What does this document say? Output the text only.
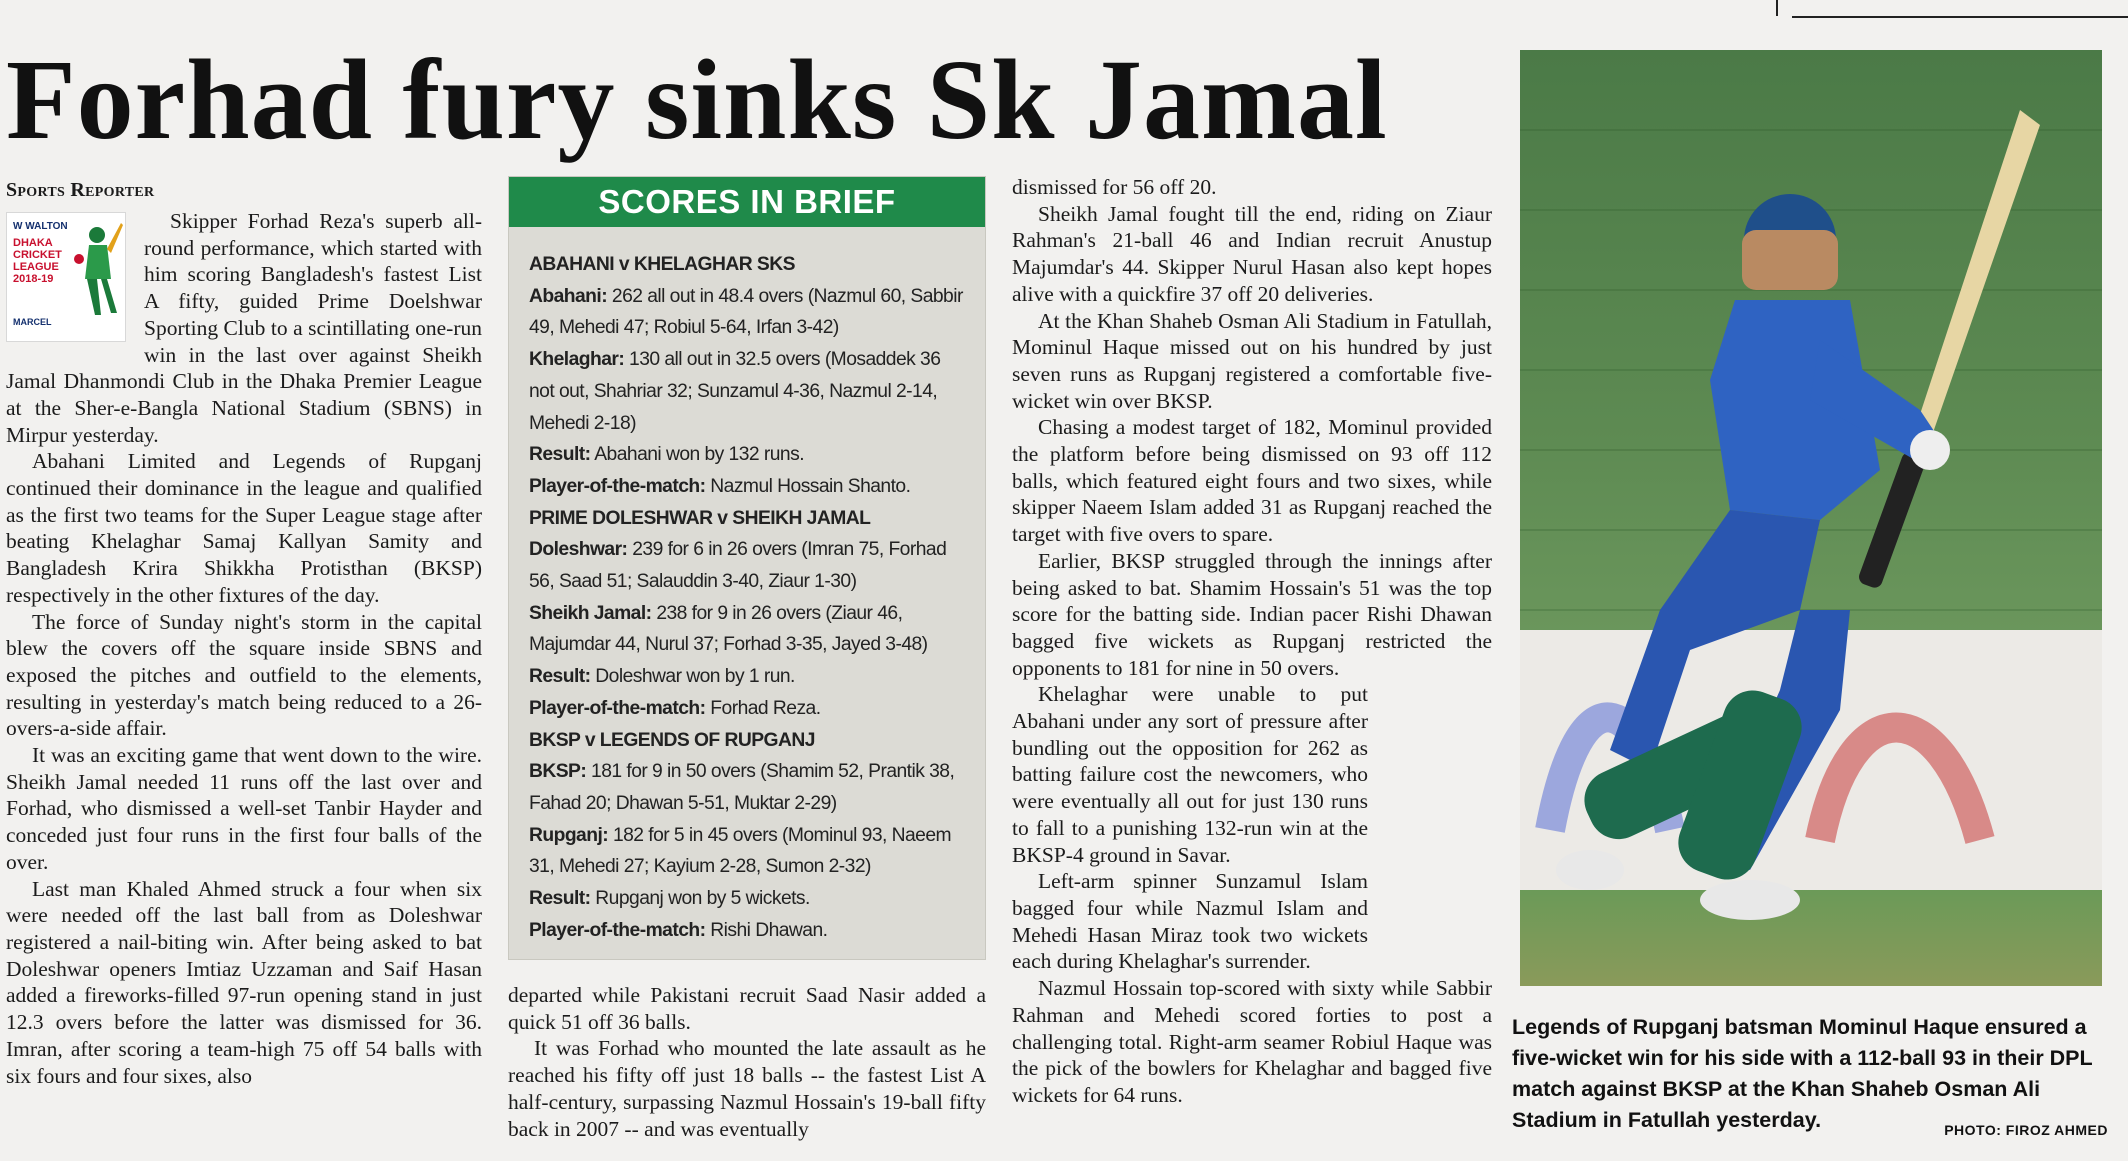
Forhad fury sinks Sk Jamal
Sports Reporter
W WALTON
DHAKA CRICKET LEAGUE 2018-19
MARCEL

Skipper Forhad Reza's superb all-round performance, which started with him scoring Bangladesh's fastest List A fifty, guided Prime Doelshwar Sporting Club to a scintillating one-run win in the last over against Sheikh Jamal Dhanmondi Club in the Dhaka Premier League at the Sher-e-Bangla National Stadium (SBNS) in Mirpur yesterday.

Abahani Limited and Legends of Rupganj continued their dominance in the league and qualified as the first two teams for the Super League stage after beating Khelaghar Samaj Kallyan Samity and Bangladesh Krira Shikkha Protisthan (BKSP) respectively in the other fixtures of the day.

The force of Sunday night's storm in the capital blew the covers off the square inside SBNS and exposed the pitches and outfield to the elements, resulting in yesterday's match being reduced to a 26-overs-a-side affair.

It was an exciting game that went down to the wire. Sheikh Jamal needed 11 runs off the last over and Forhad, who dismissed a well-set Tanbir Hayder and conceded just four runs in the first four balls of the over.

Last man Khaled Ahmed struck a four when six were needed off the last ball from as Doleshwar registered a nail-biting win. After being asked to bat Doleshwar openers Imtiaz Uzzaman and Saif Hasan added a fireworks-filled 97-run opening stand in just 12.3 overs before the latter was dismissed for 36. Imran, after scoring a team-high 75 off 54 balls with six fours and four sixes, also

SCORES IN BRIEF
ABAHANI v KHELAGHAR SKS
Abahani: 262 all out in 48.4 overs (Nazmul 60, Sabbir 49, Mehedi 47; Robiul 5-64, Irfan 3-42)
Khelaghar: 130 all out in 32.5 overs (Mosaddek 36 not out, Shahriar 32; Sunzamul 4-36, Nazmul 2-14, Mehedi 2-18)
Result: Abahani won by 132 runs.
Player-of-the-match: Nazmul Hossain Shanto.
PRIME DOLESHWAR v SHEIKH JAMAL
Doleshwar: 239 for 6 in 26 overs (Imran 75, Forhad 56, Saad 51; Salauddin 3-40, Ziaur 1-30)
Sheikh Jamal: 238 for 9 in 26 overs (Ziaur 46, Majumdar 44, Nurul 37; Forhad 3-35, Jayed 3-48)
Result: Doleshwar won by 1 run.
Player-of-the-match: Forhad Reza.
BKSP v LEGENDS OF RUPGANJ
BKSP: 181 for 9 in 50 overs (Shamim 52, Prantik 38, Fahad 20; Dhawan 5-51, Muktar 2-29)
Rupganj: 182 for 5 in 45 overs (Mominul 93, Naeem 31, Mehedi 27; Kayium 2-28, Sumon 2-32)
Result: Rupganj won by 5 wickets.
Player-of-the-match: Rishi Dhawan.

departed while Pakistani recruit Saad Nasir added a quick 51 off 36 balls.

It was Forhad who mounted the late assault as he reached his fifty off just 18 balls -- the fastest List A half-century, surpassing Nazmul Hossain's 19-ball fifty back in 2007 -- and was eventually

dismissed for 56 off 20.

Sheikh Jamal fought till the end, riding on Ziaur Rahman's 21-ball 46 and Indian recruit Anustup Majumdar's 44. Skipper Nurul Hasan also kept hopes alive with a quickfire 37 off 20 deliveries.

At the Khan Shaheb Osman Ali Stadium in Fatullah, Mominul Haque missed out on his hundred by just seven runs as Rupganj registered a comfortable five-wicket win over BKSP.

Chasing a modest target of 182, Mominul provided the platform before being dismissed on 93 off 112 balls, which featured eight fours and two sixes, while skipper Naeem Islam added 31 as Rupganj reached the target with five overs to spare.

Earlier, BKSP struggled through the innings after being asked to bat. Shamim Hossain's 51 was the top score for the batting side. Indian pacer Rishi Dhawan bagged five wickets as Rupganj restricted the opponents to 181 for nine in 50 overs.

Khelaghar were unable to put Abahani under any sort of pressure after bundling out the opposition for 262 as batting failure cost the newcomers, who were eventually all out for just 130 runs to fall to a punishing 132-run win at the BKSP-4 ground in Savar.

Left-arm spinner Sunzamul Islam bagged four while Nazmul Islam and Mehedi Hasan Miraz took two wickets each during Khelaghar's surrender.

Nazmul Hossain top-scored with sixty while Sabbir Rahman and Mehedi scored forties to post a challenging total. Right-arm seamer Robiul Haque was the pick of the bowlers for Khelaghar and bagged five wickets for 64 runs.

Legends of Rupganj batsman Mominul Haque ensured a five-wicket win for his side with a 112-ball 93 in their DPL match against BKSP at the Khan Shaheb Osman Ali Stadium in Fatullah yesterday.	PHOTO: FIROZ AHMED
